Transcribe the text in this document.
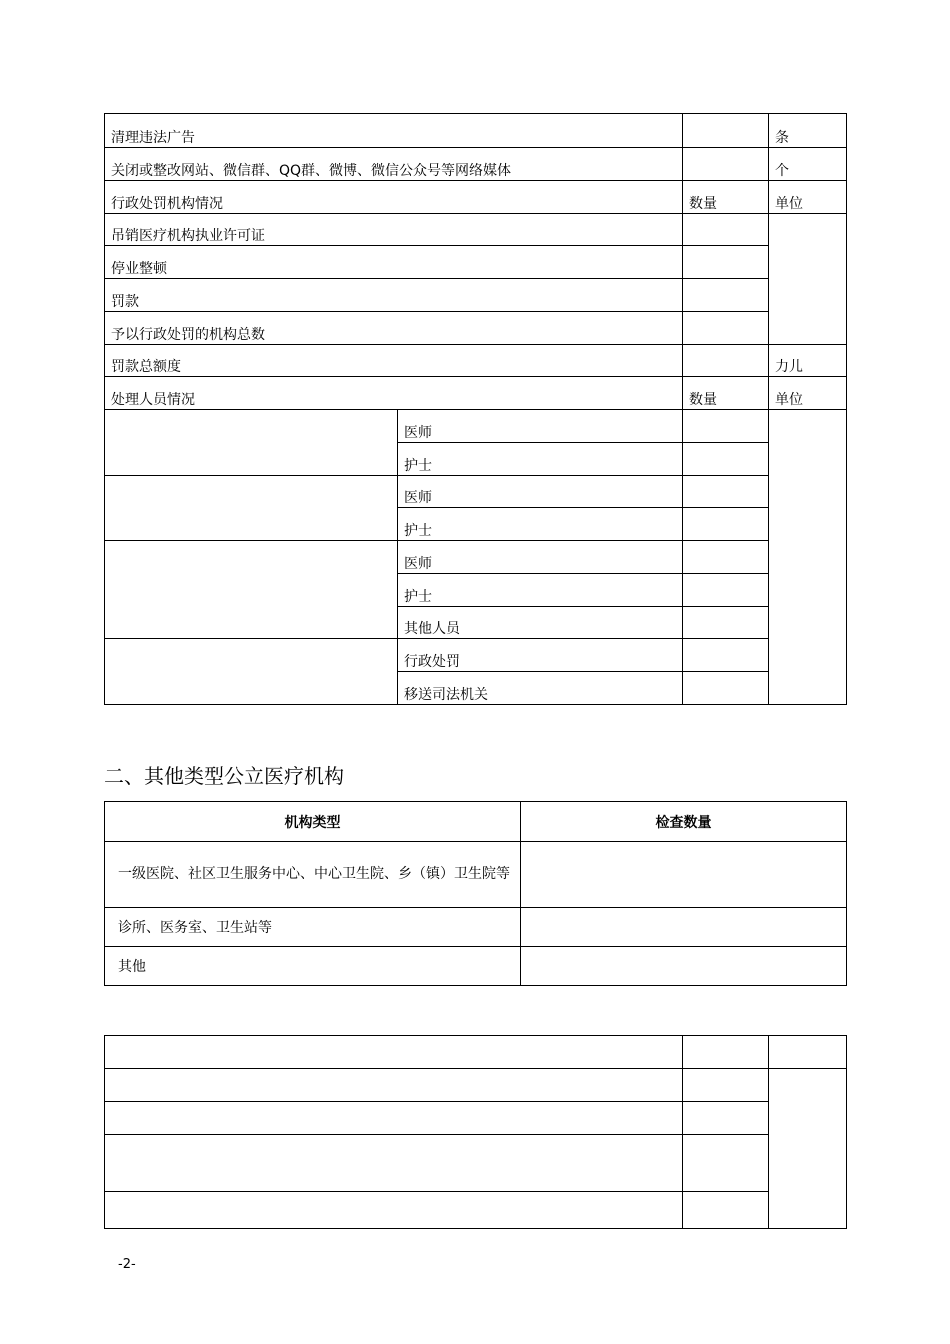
清理违法广告			条
关闭或整改网站、微信群、QQ群、微博、微信公众号等网络媒体			个
行政处罚机构情况		数量	单位
吊销医疗机构执业许可证			
停业整顿			
罚款			
予以行政处罚的机构总数			
罚款总额度			力儿
处理人员情况		数量	单位
	医师		
	护士		
	医师		
	护士		
	医师		
	护士		
	其他人员		
	行政处罚		
	移送司法机关		
二、其他类型公立医疗机构
机构类型	检查数量
一级医院、社区卫生服务中心、中心卫生院、乡（镇）卫生院等	
诊所、医务室、卫生站等	
其他	

-2-
